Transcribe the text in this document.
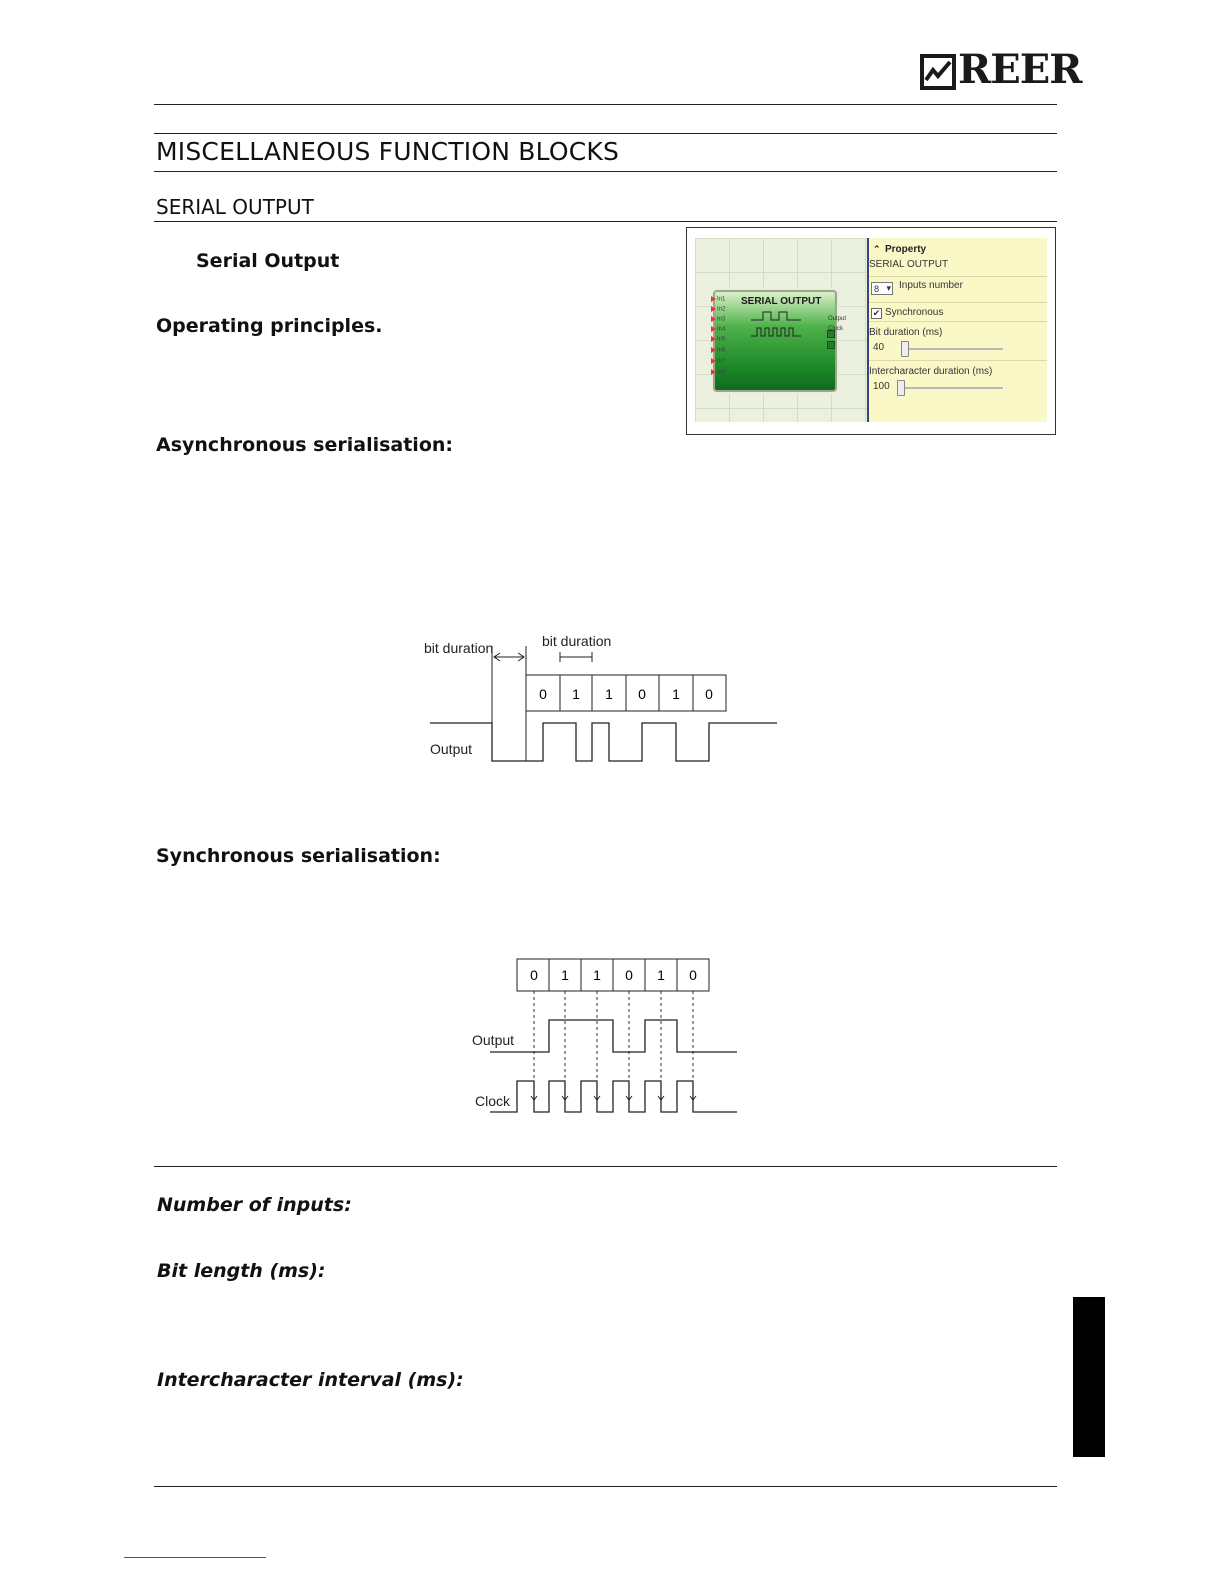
REER
MISCELLANEOUS FUNCTION BLOCKS
SERIAL OUTPUT
Serial Output
Operating principles.
SERIAL OUTPUT
In1
In2
In3
In4
In5
In6
In7
In8
Output
Clock
⌃ Property
SERIAL OUTPUT
8 ▾	Inputs number
✔ Synchronous
Bit duration (ms)
40
Intercharacter duration (ms)
100
Asynchronous serialisation:
bit duration	bit duration
0 1 1 0 1 0
Output
Synchronous serialisation:
0 1 1 0 1 0
Output
Clock
Number of inputs:
Bit length (ms):
Intercharacter interval (ms):
